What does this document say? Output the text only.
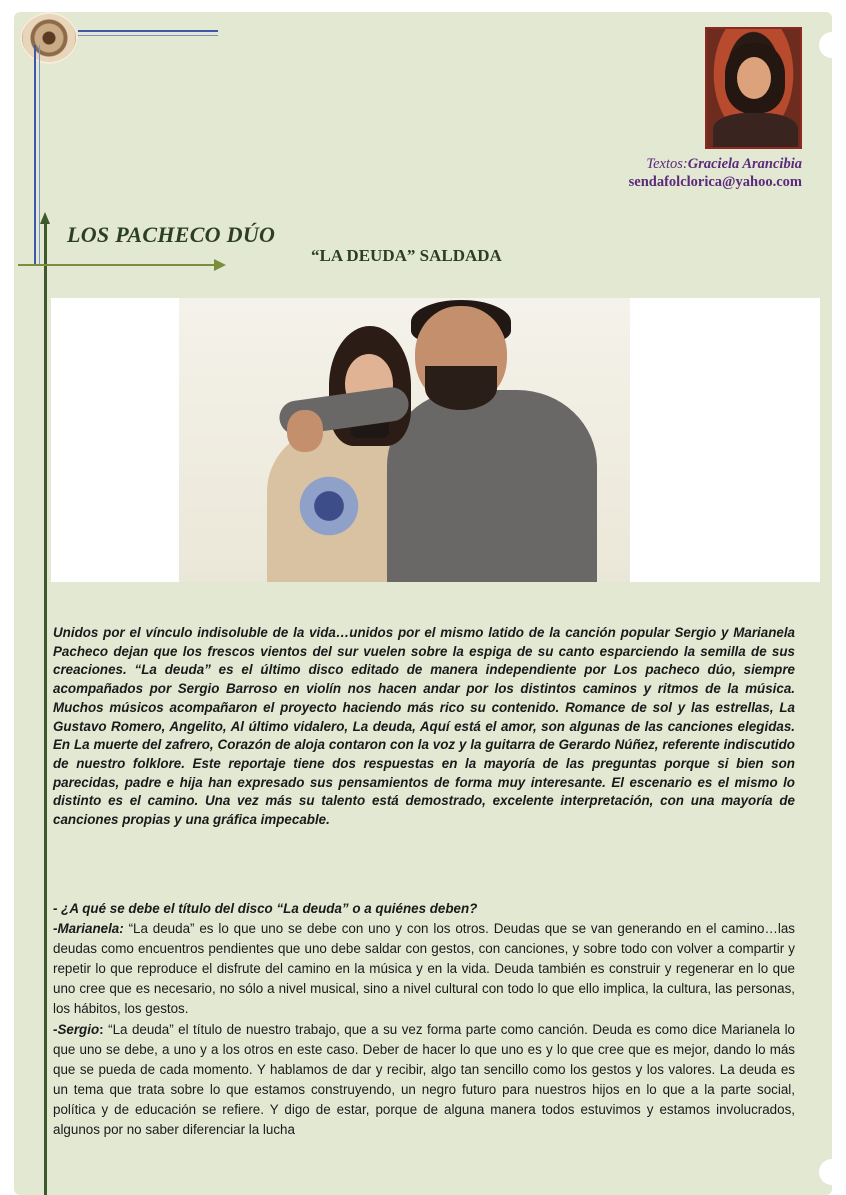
Textos:Graciela Arancibia
sendafolclorica@yahoo.com
LOS PACHECO DÚO
“LA DEUDA” SALDADA
Unidos por el vínculo indisoluble de la vida…unidos por el mismo latido de la canción popular Sergio y Marianela Pacheco dejan que los frescos vientos del sur vuelen sobre la espiga de su canto esparciendo la semilla de sus creaciones. “La deuda” es el último disco editado de manera independiente por Los pacheco dúo, siempre acompañados por Sergio Barroso en violín nos hacen andar por los distintos caminos y ritmos de la música. Muchos músicos acompañaron el proyecto haciendo más rico su contenido. Romance de sol y las estrellas, La Gustavo Romero, Angelito, Al último vidalero, La deuda, Aquí está el amor, son algunas de las canciones elegidas. En La muerte del zafrero, Corazón de aloja contaron con la voz y la guitarra de Gerardo Núñez, referente indiscutido de nuestro folklore. Este reportaje tiene dos respuestas en la mayoría de las preguntas porque si bien son parecidas, padre e hija han expresado sus pensamientos de forma muy interesante. El escenario es el mismo lo distinto es el camino. Una vez más su talento está demostrado, excelente interpretación, con una mayoría de canciones propias y una gráfica impecable.

- ¿A qué se debe el título del disco “La deuda” o a quiénes deben?

-Marianela: “La deuda” es lo que uno se debe con uno y con los otros. Deudas que se van generando en el camino…las deudas como encuentros pendientes que uno debe saldar con gestos, con canciones, y sobre todo con volver a compartir y repetir lo que reproduce el disfrute del camino en la música y en la vida. Deuda también es construir y regenerar en lo que uno cree que es necesario, no sólo a nivel musical, sino a nivel cultural con todo lo que ello implica, la cultura, las personas, los hábitos, los gestos.

-Sergio: “La deuda” el título de nuestro trabajo, que a su vez forma parte como canción. Deuda es como dice Marianela lo que uno se debe, a uno y a los otros en este caso. Deber de hacer lo que uno es y lo que cree que es mejor, dando lo más que se pueda de cada momento. Y hablamos de dar y recibir, algo tan sencillo como los gestos y los valores. La deuda es un tema que trata sobre lo que estamos construyendo, un negro futuro para nuestros hijos en lo que a la parte social, política y de educación se refiere. Y digo de estar, porque de alguna manera todos estuvimos y estamos involucrados, algunos por no saber diferenciar la lucha
